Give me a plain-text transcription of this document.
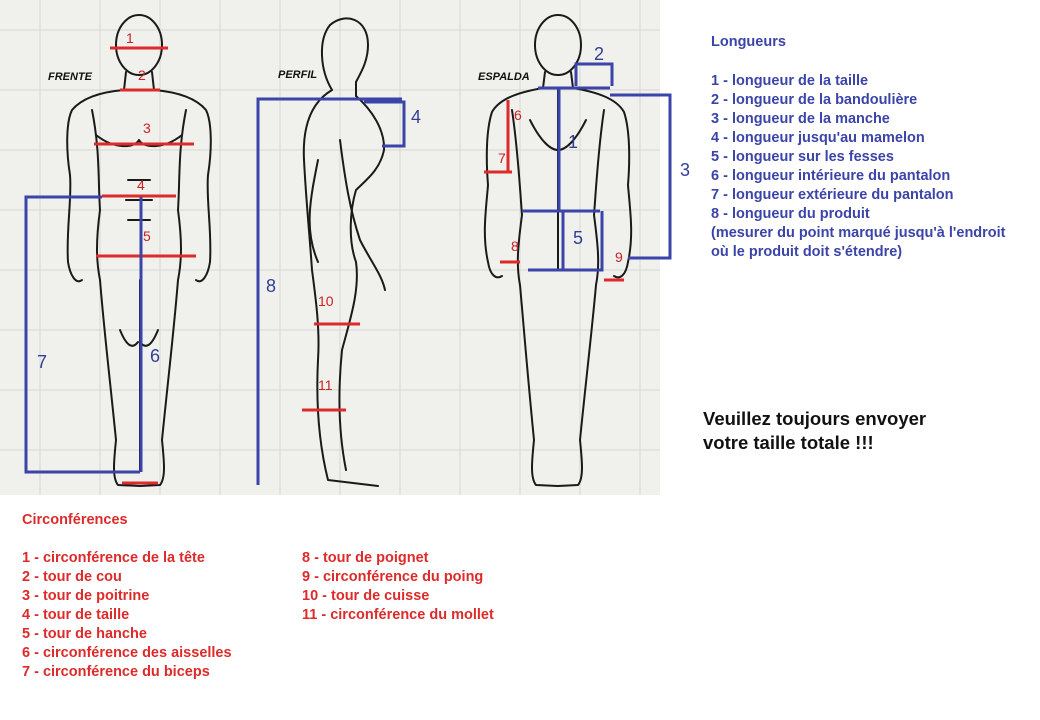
FRENTE	PERFIL	ESPALDA
1
2
3
4
5
6
7
4
8
10
11
1
2
5
6
7
8
9
3
Longueurs
1 - longueur de la taille
2 - longueur de la bandoulière
3 - longueur de la manche
4 - longueur jusqu'au mamelon
5 - longueur sur les fesses
6 - longueur intérieure du pantalon
7 - longueur extérieure du pantalon
8 - longueur du produit
(mesurer du point marqué jusqu'à l'endroit où le produit doit s'étendre)
Veuillez toujours envoyer
votre taille totale !!!
Circonférences
1 - circonférence de la tête
2 - tour de cou
3 - tour de poitrine
4 - tour de taille
5 - tour de hanche
6 - circonférence des aisselles
7 - circonférence du biceps
8 - tour de poignet
9 - circonférence du poing
10 - tour de cuisse
11 - circonférence du mollet
